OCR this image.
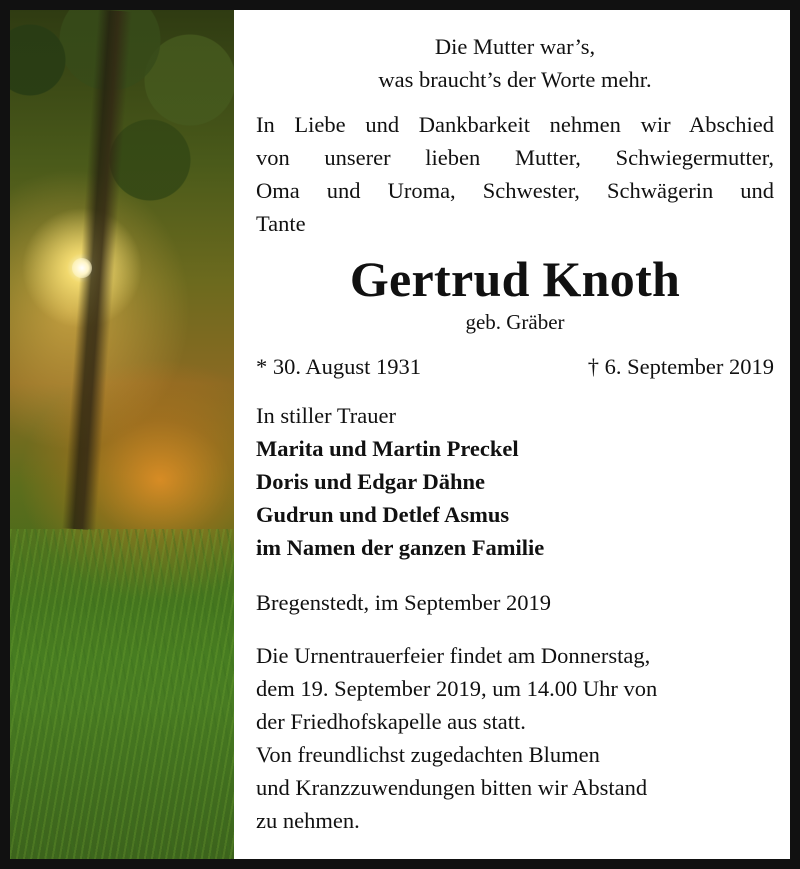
Die Mutter war’s,

was braucht’s der Worte mehr.

In Liebe und Dankbarkeit nehmen wir Abschied

von unserer lieben Mutter, Schwiegermutter,

Oma und Uroma, Schwester, Schwägerin und

Tante

Gertrud Knoth
geb. Gräber
* 30. August 1931	† 6. September 2019

In stiller Trauer

Marita und Martin Preckel

Doris und Edgar Dähne

Gudrun und Detlef Asmus

im Namen der ganzen Familie

Bregenstedt, im September 2019

Die Urnentrauerfeier findet am Donnerstag,

dem 19. September 2019, um 14.00 Uhr von

der Friedhofskapelle aus statt.

Von freundlichst zugedachten Blumen

und Kranzzuwendungen bitten wir Abstand

zu nehmen.
